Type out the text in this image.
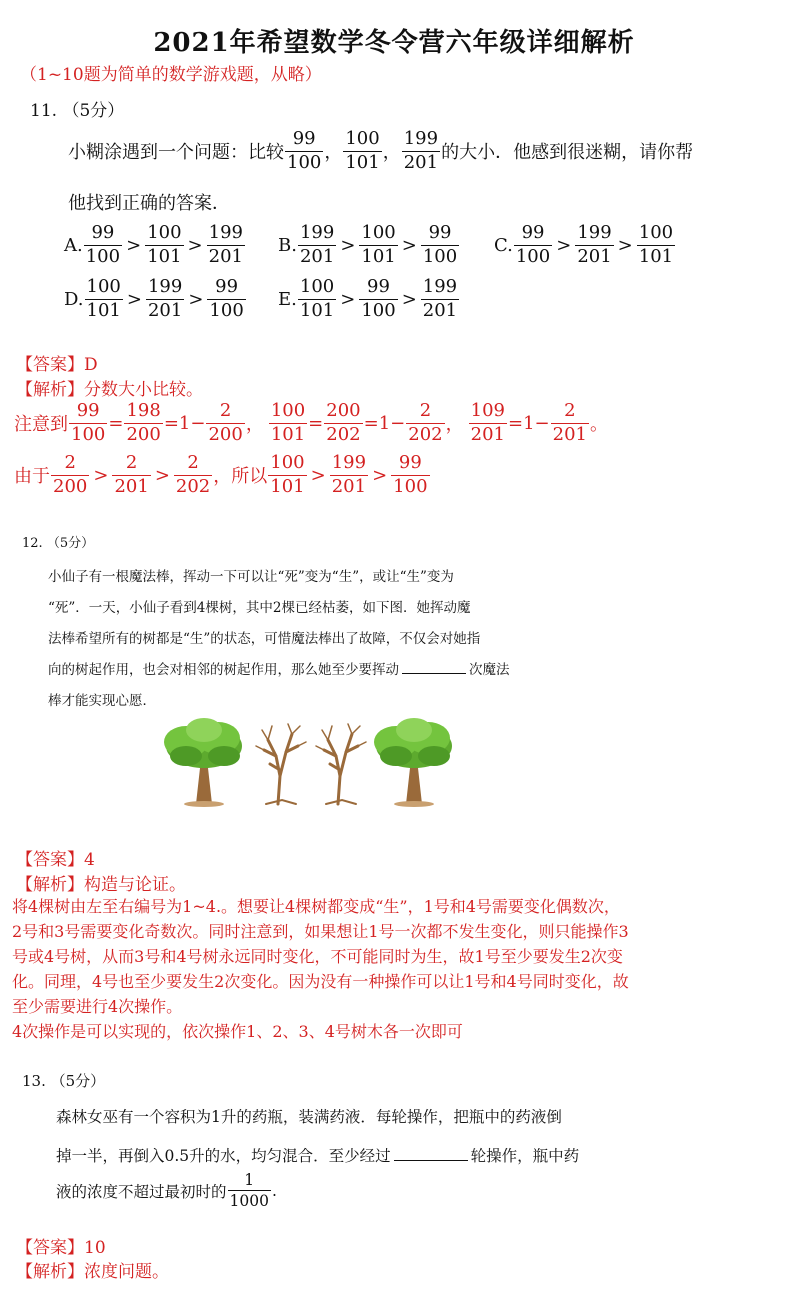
2021年希望数学冬令营六年级详细解析
（1~10题为简单的数学游戏题，从略）
11. （5分）
小糊涂遇到一个问题：比较 $\frac{99}{100}$ ， $\frac{100}{101}$ ， $\frac{199}{201}$ 的大小．他感到很迷糊，请你帮
他找到正确的答案．
A. $\frac{99}{100} > \frac{100}{101} > \frac{199}{201} B$. $\frac{199}{201} > \frac{100}{101} > \frac{99}{100} C$. $\frac{99}{100} > \frac{199}{201} > \frac{100}{101}$
D. $\frac{100}{101} > \frac{199}{201} > \frac{99}{100} E$. $\frac{100}{101} > \frac{99}{100} > \frac{199}{201}$
【答案】D
【解析】分数大小比较。
注意到 $\frac{99}{100} = \frac{198}{200} = 1- \frac{2}{200}$ ， $\frac{100}{101} = \frac{200}{202} = 1- \frac{2}{202}$ ， $\frac{109}{201} = 1- \frac{2}{201}$ 。
由于 $\frac{2}{200} > \frac{2}{201} > \frac{2}{202}$ ，所以 $\frac{100}{101} > \frac{199}{201} > \frac{99}{100}$
12. （5分）
小仙子有一根魔法棒，挥动一下可以让“死”变为“生”，或让“生”变为
“死”．一天，小仙子看到4棵树，其中2棵已经枯萎，如下图．她挥动魔
法棒希望所有的树都是“生”的状态，可惜魔法棒出了故障，不仅会对她指
向的树起作用，也会对相邻的树起作用，那么她至少要挥动	次魔法
棒才能实现心愿．
【答案】4
【解析】构造与论证。
将4棵树由左至右编号为1~4.。想要让4棵树都变成“生”，1号和4号需要变化偶数次，
2号和3号需要变化奇数次。同时注意到，如果想让1号一次都不发生变化，则只能操作3
号或4号树，从而3号和4号树永远同时变化，不可能同时为生，故1号至少要发生2次变
化。同理，4号也至少要发生2次变化。因为没有一种操作可以让1号和4号同时变化，故
至少需要进行4次操作。
4次操作是可以实现的，依次操作1、2、3、4号树木各一次即可
13. （5分）
森林女巫有一个容积为1升的药瓶，装满药液．每轮操作，把瓶中的药液倒
掉一半，再倒入0.5升的水，均匀混合．至少经过	轮操作，瓶中药
液的浓度不超过最初时的 $\frac{1}{1000}$ .
【答案】10
【解析】浓度问题。
